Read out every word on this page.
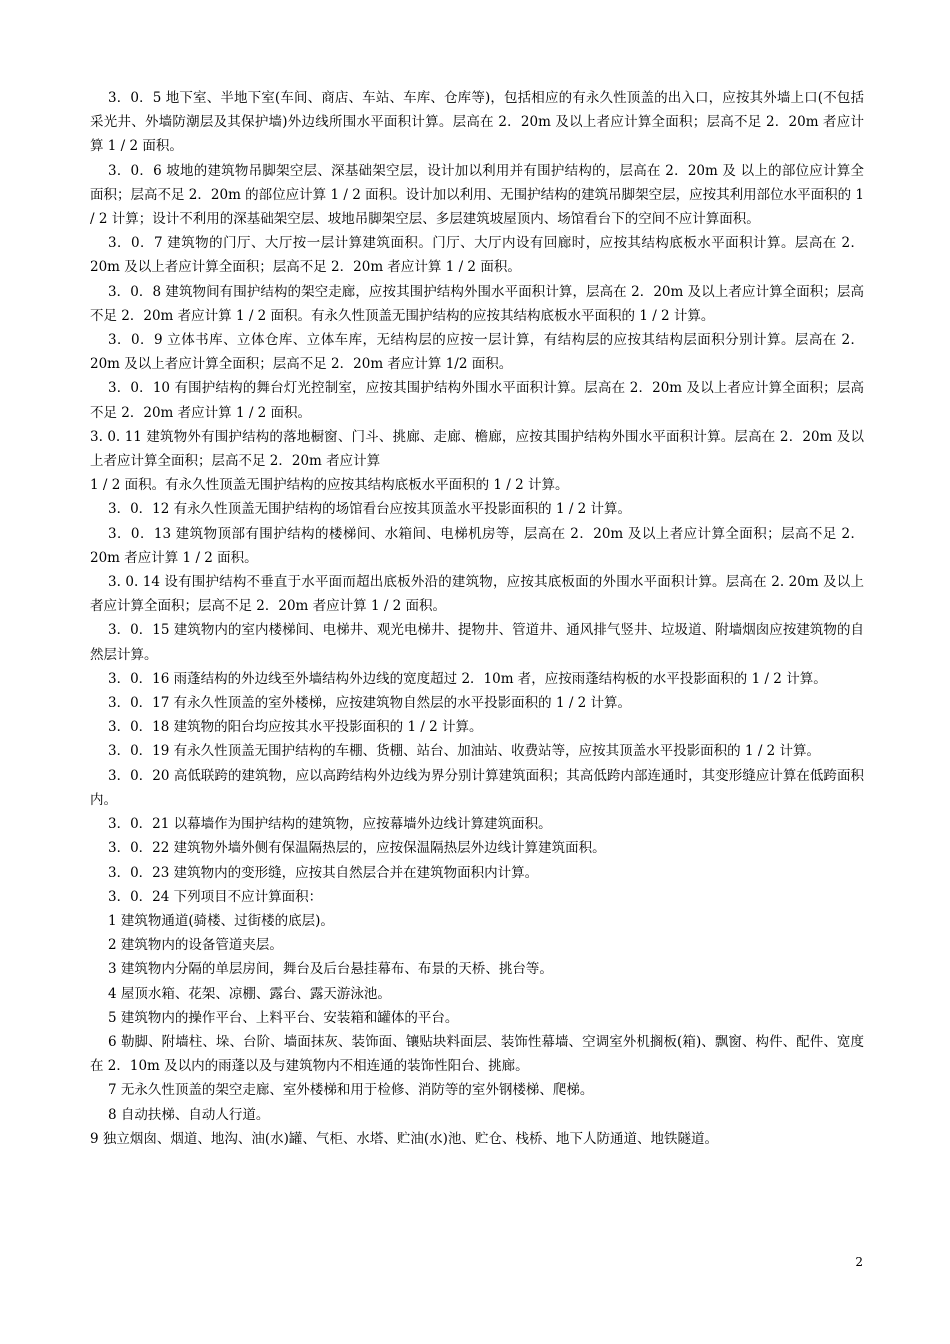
3．0．5 地下室、半地下室(车间、商店、车站、车库、仓库等)，包括相应的有永久性顶盖的出入口，应按其外墙上口(不包括采光井、外墙防潮层及其保护墙)外边线所围水平面积计算。层高在 2．20m 及以上者应计算全面积；层高不足 2．20m 者应计算 1 / 2 面积。

3．0．6 坡地的建筑物吊脚架空层、深基础架空层，设计加以利用并有围护结构的，层高在 2．20m 及 以上的部位应计算全面积；层高不足 2．20m 的部位应计算 1 / 2 面积。设计加以利用、无围护结构的建筑吊脚架空层，应按其利用部位水平面积的 1 / 2 计算；设计不利用的深基础架空层、坡地吊脚架空层、多层建筑坡屋顶内、场馆看台下的空间不应计算面积。

3．0．7 建筑物的门厅、大厅按一层计算建筑面积。门厅、大厅内设有回廊时，应按其结构底板水平面积计算。层高在 2．20m 及以上者应计算全面积；层高不足 2．20m 者应计算 1 / 2 面积。

3．0．8 建筑物间有围护结构的架空走廊，应按其围护结构外围水平面积计算，层高在 2．20m 及以上者应计算全面积；层高不足 2．20m 者应计算 1 / 2 面积。有永久性顶盖无围护结构的应按其结构底板水平面积的 1 / 2 计算。

3．0．9 立体书库、立体仓库、立体车库，无结构层的应按一层计算，有结构层的应按其结构层面积分别计算。层高在 2．20m 及以上者应计算全面积；层高不足 2．20m 者应计算 1/2 面积。

3．0．10 有围护结构的舞台灯光控制室，应按其围护结构外围水平面积计算。层高在 2．20m 及以上者应计算全面积；层高不足 2．20m 者应计算 1 / 2 面积。

3. 0. 11 建筑物外有围护结构的落地橱窗、门斗、挑廊、走廊、檐廊，应按其围护结构外围水平面积计算。层高在 2．20m 及以上者应计算全面积；层高不足 2．20m 者应计算

1 / 2 面积。有永久性顶盖无围护结构的应按其结构底板水平面积的 1 / 2 计算。

3．0．12 有永久性顶盖无围护结构的场馆看台应按其顶盖水平投影面积的 1 / 2 计算。

3．0．13 建筑物顶部有围护结构的楼梯间、水箱间、电梯机房等，层高在 2．20m 及以上者应计算全面积；层高不足 2．20m 者应计算 1 / 2 面积。

3. 0. 14 设有围护结构不垂直于水平面而超出底板外沿的建筑物，应按其底板面的外围水平面积计算。层高在 2. 20m 及以上者应计算全面积；层高不足 2．20m 者应计算 1 / 2 面积。

3．0．15 建筑物内的室内楼梯间、电梯井、观光电梯井、提物井、管道井、通风排气竖井、垃圾道、附墙烟囱应按建筑物的自然层计算。

3．0．16 雨蓬结构的外边线至外墙结构外边线的宽度超过 2．10m 者，应按雨蓬结构板的水平投影面积的 1 / 2 计算。

3．0．17 有永久性顶盖的室外楼梯，应按建筑物自然层的水平投影面积的 1 / 2 计算。

3．0．18 建筑物的阳台均应按其水平投影面积的 1 / 2 计算。

3．0．19 有永久性顶盖无围护结构的车棚、货棚、站台、加油站、收费站等，应按其顶盖水平投影面积的 1 / 2 计算。

3．0．20 高低联跨的建筑物，应以高跨结构外边线为界分别计算建筑面积；其高低跨内部连通时，其变形缝应计算在低跨面积内。

3．0．21 以幕墙作为围护结构的建筑物，应按幕墙外边线计算建筑面积。

3．0．22 建筑物外墙外侧有保温隔热层的，应按保温隔热层外边线计算建筑面积。

3．0．23 建筑物内的变形缝，应按其自然层合并在建筑物面积内计算。

3．0．24 下列项目不应计算面积：

1 建筑物通道(骑楼、过街楼的底层)。

2 建筑物内的设备管道夹层。

3 建筑物内分隔的单层房间，舞台及后台悬挂幕布、布景的天桥、挑台等。

4 屋顶水箱、花架、凉棚、露台、露天游泳池。

5 建筑物内的操作平台、上料平台、安装箱和罐体的平台。

6 勒脚、附墙柱、垛、台阶、墙面抹灰、装饰面、镶贴块料面层、装饰性幕墙、空调室外机搁板(箱)、飘窗、构件、配件、宽度在 2．10m 及以内的雨蓬以及与建筑物内不相连通的装饰性阳台、挑廊。

7 无永久性顶盖的架空走廊、室外楼梯和用于检修、消防等的室外钢楼梯、爬梯。

8 自动扶梯、自动人行道。

9 独立烟囱、烟道、地沟、油(水)罐、气柜、水塔、贮油(水)池、贮仓、栈桥、地下人防通道、地铁隧道。

2
